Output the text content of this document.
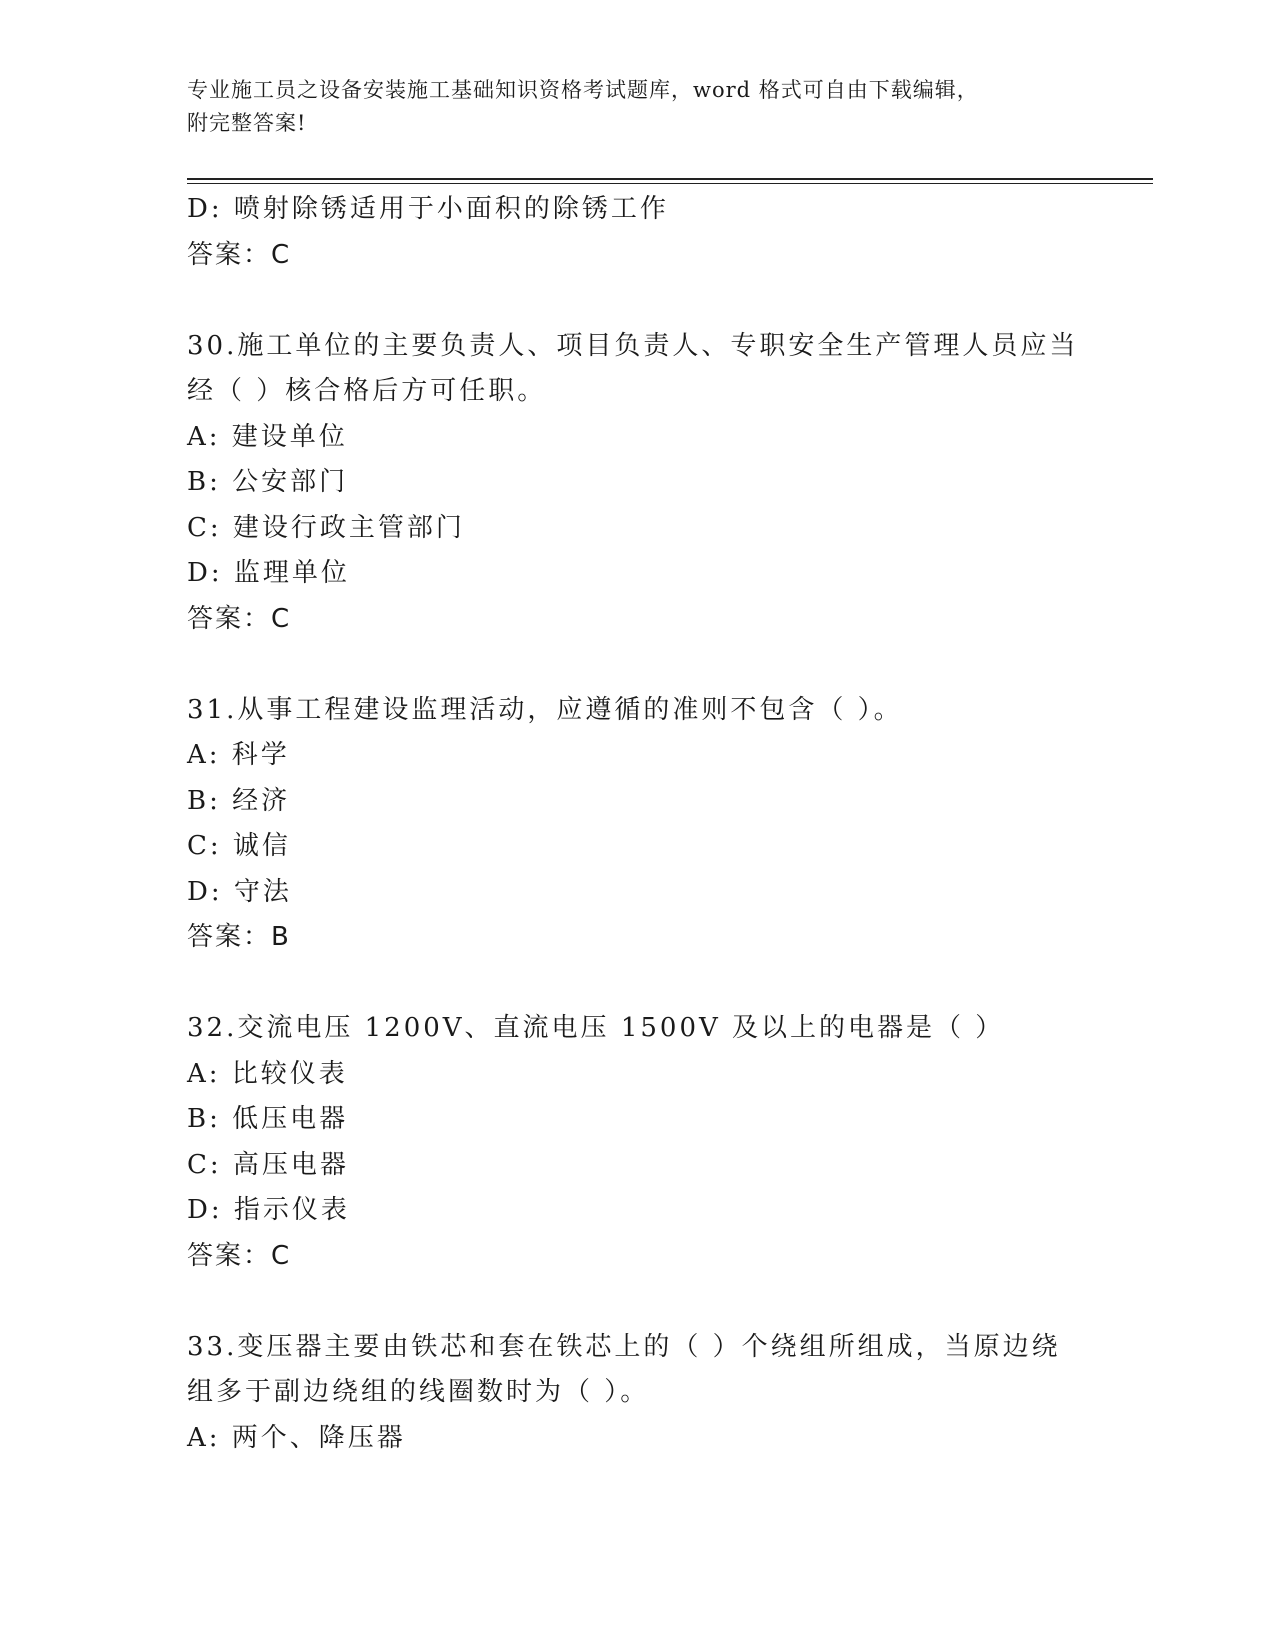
专业施工员之设备安装施工基础知识资格考试题库，word 格式可自由下载编辑，
附完整答案!
D: 喷射除锈适用于小面积的除锈工作
答案：C
30.施工单位的主要负责人、项目负责人、专职安全生产管理人员应当
经（ ）核合格后方可任职。
A: 建设单位
B: 公安部门
C: 建设行政主管部门
D: 监理单位
答案：C
31.从事工程建设监理活动，应遵循的准则不包含（ ）。
A: 科学
B: 经济
C: 诚信
D: 守法
答案：B
32.交流电压 1200V、直流电压 1500V 及以上的电器是（ ）
A: 比较仪表
B: 低压电器
C: 高压电器
D: 指示仪表
答案：C
33.变压器主要由铁芯和套在铁芯上的（ ）个绕组所组成，当原边绕
组多于副边绕组的线圈数时为（ ）。
A: 两个、降压器
